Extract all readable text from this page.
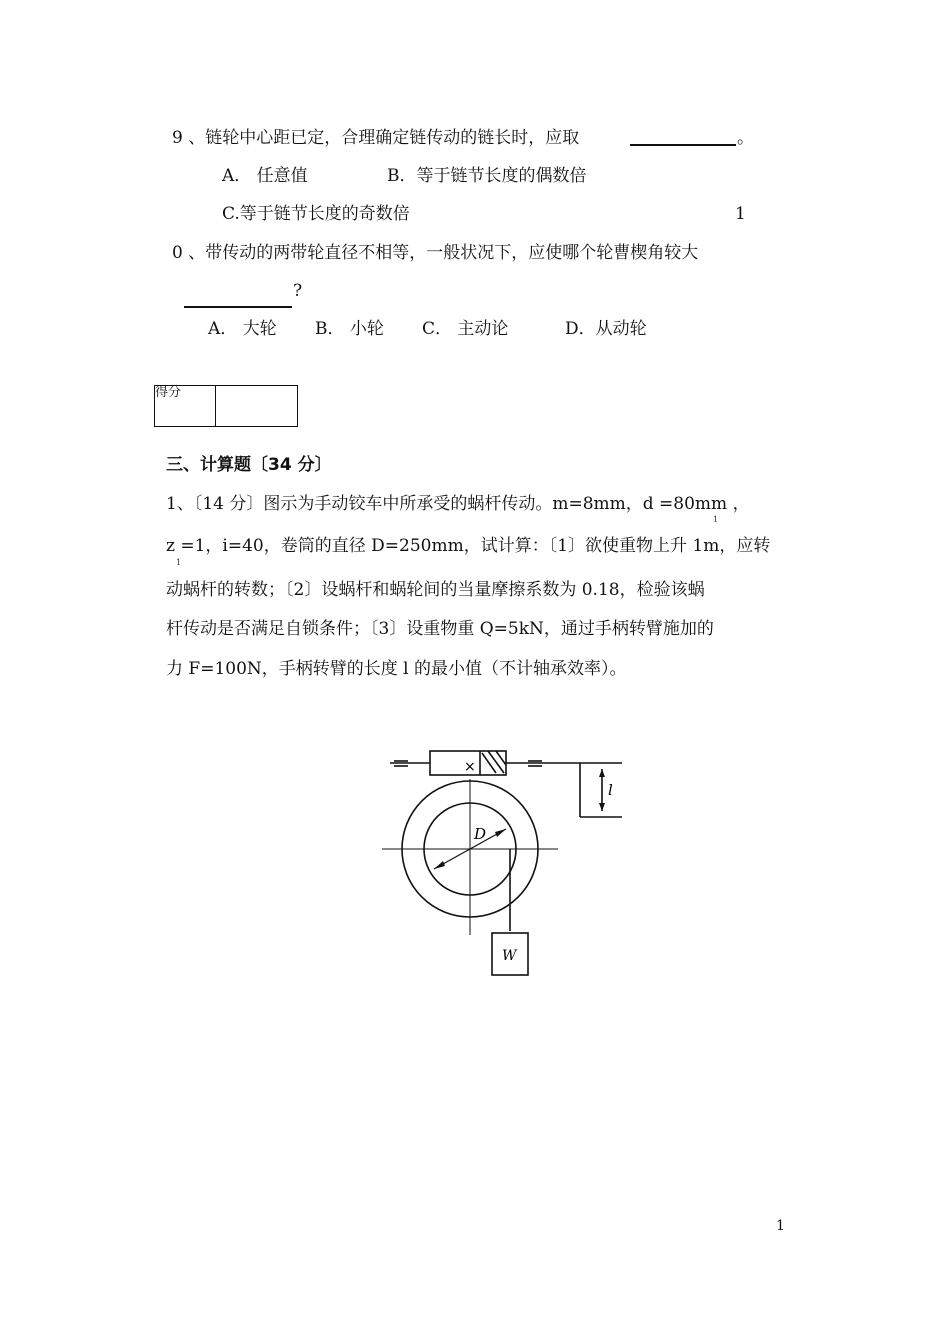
9 、链轮中心距已定，合理确定链传动的链长时，应取	。
A． 任意值	B．等于链节长度的偶数倍
C.等于链节长度的奇数倍	1
0 、带传动的两带轮直径不相等，一般状况下，应使哪个轮曹楔角较大
?
A． 大轮 B． 小轮 C． 主动论	D．从动轮
得分
三、计算题〔34 分〕
1、〔14 分〕图示为手动铰车中所承受的蜗杆传动。m=8mm，d =80mm ，
1
z =1，i=40，卷筒的直径 D=250mm，试计算：〔1〕欲使重物上升 1m，应转
1
动蜗杆的转数；〔2〕设蜗杆和蜗轮间的当量摩擦系数为 0.18，检验该蜗
杆传动是否满足自锁条件；〔3〕设重物重 Q=5kN，通过手柄转臂施加的
力 F=100N，手柄转臂的长度 l 的最小值（不计轴承效率）。
×
D
l
W
1
